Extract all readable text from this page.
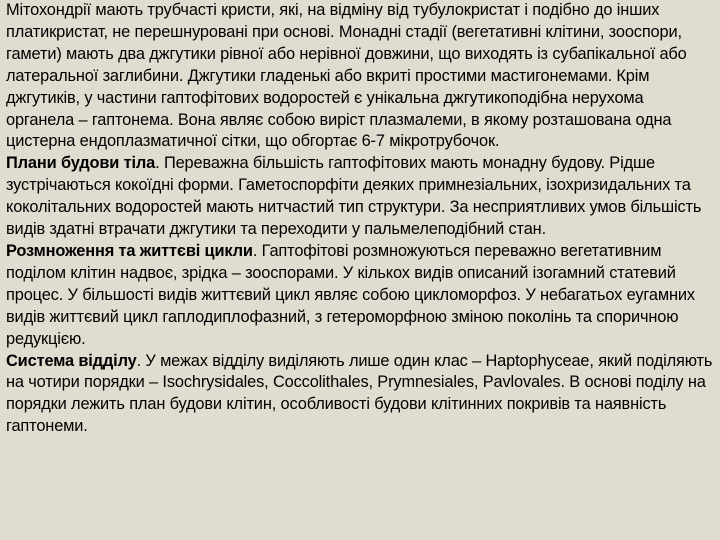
Мітохондрії мають трубчасті кристи, які, на відміну від тубулокристат і подібно до інших платикристат, не перешнуровані при основі. Монадні стадії (вегетативні клітини, зооспори, гамети) мають два джгутики рівної або нерівної довжини, що виходять із субапікальної або латеральної заглибини. Джгутики гладенькі або вкриті простими мастигонемами. Крім джгутиків, у частини гаптофітових водоростей є унікальна джгутикоподібна нерухома органела – гаптонема. Вона являє собою виріст плазмалеми, в якому розташована одна цистерна ендоплазматичної сітки, що обгортає 6-7 мікротрубочок.

Плани будови тіла. Переважна більшість гаптофітових мають монадну будову. Рідше зустрічаються кокоїдні форми. Гаметоспорфіти деяких примнезіальних, ізохризидальних та коколітальних водоростей мають нитчастий тип структури. За несприятливих умов більшість видів здатні втрачати джгутики та переходити у пальмелеподібний стан.

Розмноження та життєві цикли. Гаптофітові розмножуються переважно вегетативним поділом клітин надвоє, зрідка – зооспорами. У кількох видів описаний ізогамний статевий процес. У більшості видів життєвий цикл являє собою цикломорфоз. У небагатьох еугамних видів життєвий цикл гаплодиплофазний, з гетероморфною зміною поколінь та споричною редукцією.

Система відділу. У межах відділу виділяють лише один клас – Haptophyceae, який поділяють на чотири порядки – Isochrysidales, Coccolithales, Prymnesiales, Pavlovales. В основі поділу на порядки лежить план будови клітин, особливості будови клітинних покривів та наявність гаптонеми.
